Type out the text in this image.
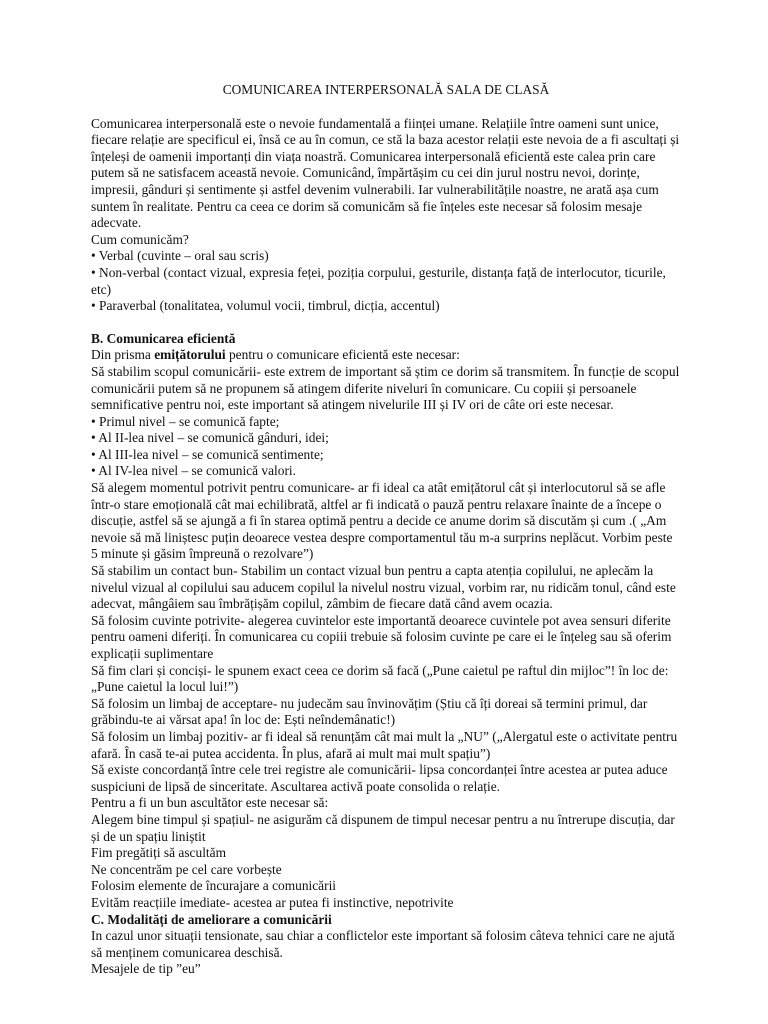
COMUNICAREA INTERPERSONALĂ SALA DE CLASĂ

Comunicarea interpersonală este o nevoie fundamentală a ființei umane. Relațiile între oameni sunt unice, fiecare relație are specificul ei, însă ce au în comun, ce stă la baza acestor relații este nevoia de a fi ascultați și înțeleși de oamenii importanți din viața noastră. Comunicarea interpersonală eficientă este calea prin care putem să ne satisfacem această nevoie. Comunicând, împărtășim cu cei din jurul nostru nevoi, dorințe, impresii, gânduri și sentimente și astfel devenim vulnerabili. Iar vulnerabilitățile noastre, ne arată așa cum suntem în realitate. Pentru ca ceea ce dorim să comunicăm să fie înțeles este necesar să folosim mesaje adecvate.

Cum comunicăm?

• Verbal (cuvinte – oral sau scris)

• Non-verbal (contact vizual, expresia feței, poziția corpului, gesturile, distanța față de interlocutor, ticurile, etc)

• Paraverbal (tonalitatea, volumul vocii, timbrul, dicția, accentul)

B. Comunicarea eficientă

Din prisma emițătorului pentru o comunicare eficientă este necesar:

Să stabilim scopul comunicării- este extrem de important să știm ce dorim să transmitem. În funcție de scopul comunicării putem să ne propunem să atingem diferite niveluri în comunicare. Cu copiii și persoanele semnificative pentru noi, este important să atingem nivelurile III și IV ori de câte ori este necesar.

• Primul nivel – se comunică fapte;

• Al II-lea nivel – se comunică gânduri, idei;

• Al III-lea nivel – se comunică sentimente;

• Al IV-lea nivel – se comunică valori.

Să alegem momentul potrivit pentru comunicare- ar fi ideal ca atât emițătorul cât și interlocutorul să se afle într-o stare emoțională cât mai echilibrată, altfel ar fi indicată o pauză pentru relaxare înainte de a începe o discuție, astfel să se ajungă a fi în starea optimă pentru a decide ce anume dorim să discutăm și cum .( „Am nevoie să mă liniștesc puțin deoarece vestea despre comportamentul tău m-a surprins neplăcut. Vorbim peste 5 minute și găsim împreună o rezolvare”)

Să stabilim un contact bun- Stabilim un contact vizual bun pentru a capta atenția copilului, ne aplecăm la nivelul vizual al copilului sau aducem copilul la nivelul nostru vizual, vorbim rar, nu ridicăm tonul, când este adecvat, mângâiem sau îmbrățișăm copilul, zâmbim de fiecare dată când avem ocazia.

Să folosim cuvinte potrivite- alegerea cuvintelor este importantă deoarece cuvintele pot avea sensuri diferite pentru oameni diferiți. În comunicarea cu copiii trebuie să folosim cuvinte pe care ei le înțeleg sau să oferim explicații suplimentare

Să fim clari și conciși- le spunem exact ceea ce dorim să facă („Pune caietul pe raftul din mijloc”! în loc de: „Pune caietul la locul lui!”)

Să folosim un limbaj de acceptare- nu judecăm sau învinovățim (Știu că îți doreai să termini primul, dar grăbindu-te ai vărsat apa! în loc de: Ești neîndemânatic!)

Să folosim un limbaj pozitiv- ar fi ideal să renunțăm cât mai mult la „NU” („Alergatul este o activitate pentru afară. În casă te-ai putea accidenta. În plus, afară ai mult mai mult spațiu”)

Să existe concordanță între cele trei registre ale comunicării- lipsa concordanței între acestea ar putea aduce suspiciuni de lipsă de sinceritate. Ascultarea activă poate consolida o relație.

Pentru a fi un bun ascultător este necesar să:

Alegem bine timpul și spațiul- ne asigurăm că dispunem de timpul necesar pentru a nu întrerupe discuția, dar și de un spațiu liniștit

Fim pregătiți să ascultăm

Ne concentrăm pe cel care vorbește

Folosim elemente de încurajare a comunicării

Evităm reacțiile imediate- acestea ar putea fi instinctive, nepotrivite

C. Modalități de ameliorare a comunicării

In cazul unor situații tensionate, sau chiar a conflictelor este important să folosim câteva tehnici care ne ajută să menținem comunicarea deschisă.

Mesajele de tip ˮeuˮ
